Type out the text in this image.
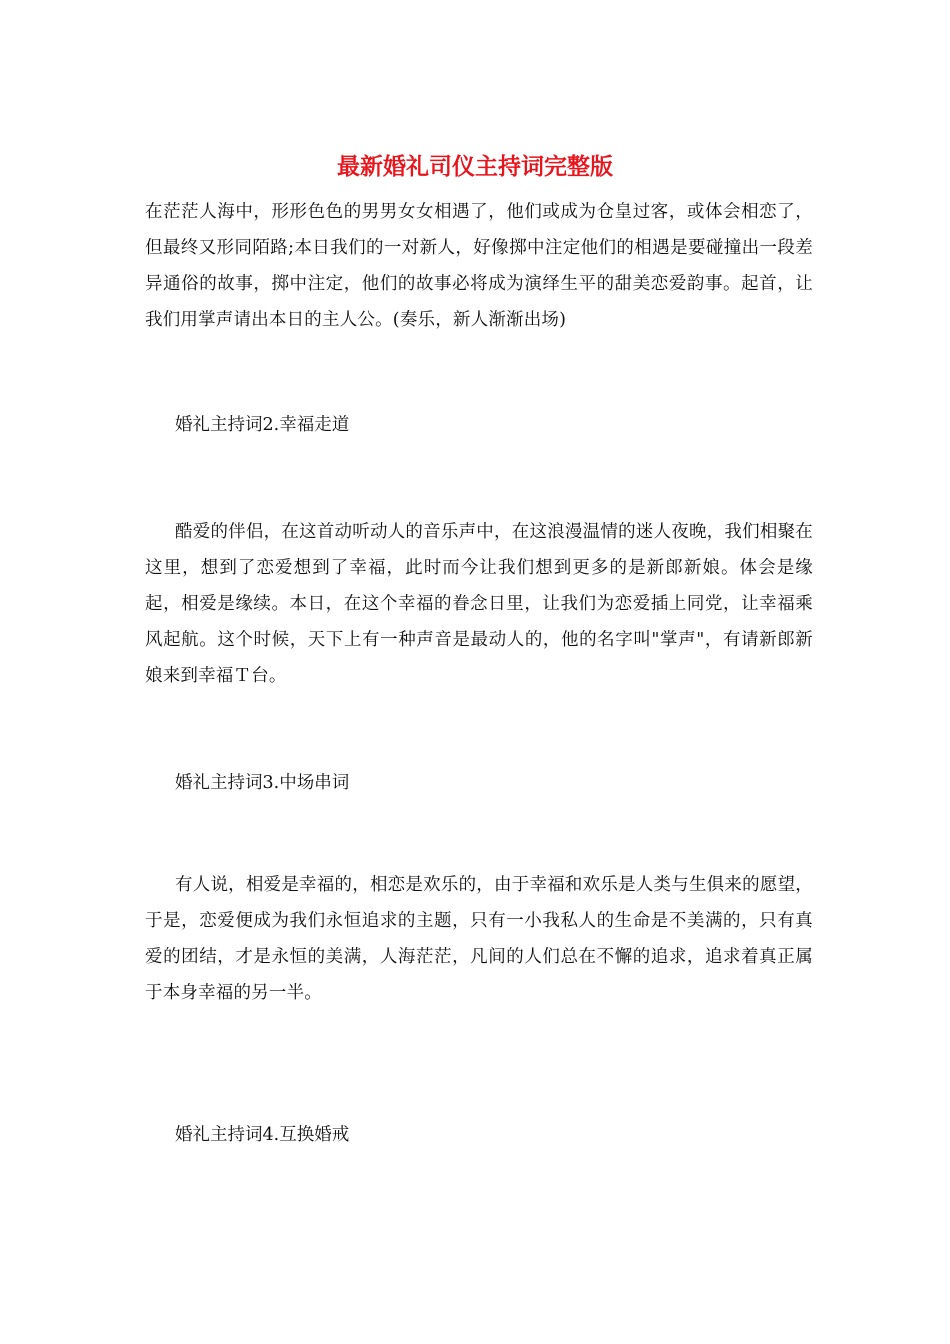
最新婚礼司仪主持词完整版

在茫茫人海中，形形色色的男男女女相遇了，他们或成为仓皇过客，或体会相恋了，但最终又形同陌路;本日我们的一对新人，好像掷中注定他们的相遇是要碰撞出一段差异通俗的故事，掷中注定，他们的故事必将成为演绎生平的甜美恋爱韵事。起首，让我们用掌声请出本日的主人公。(奏乐，新人渐渐出场)

婚礼主持词2.幸福走道

酷爱的伴侣，在这首动听动人的音乐声中，在这浪漫温情的迷人夜晚，我们相聚在这里，想到了恋爱想到了幸福，此时而今让我们想到更多的是新郎新娘。体会是缘起，相爱是缘续。本日，在这个幸福的眷念日里，让我们为恋爱插上同党，让幸福乘风起航。这个时候，天下上有一种声音是最动人的，他的名字叫"掌声"，有请新郎新娘来到幸福Ｔ台。

婚礼主持词3.中场串词

有人说，相爱是幸福的，相恋是欢乐的，由于幸福和欢乐是人类与生俱来的愿望，于是，恋爱便成为我们永恒追求的主题，只有一小我私人的生命是不美满的，只有真爱的团结，才是永恒的美满，人海茫茫，凡间的人们总在不懈的追求，追求着真正属于本身幸福的另一半。

婚礼主持词4.互换婚戒
